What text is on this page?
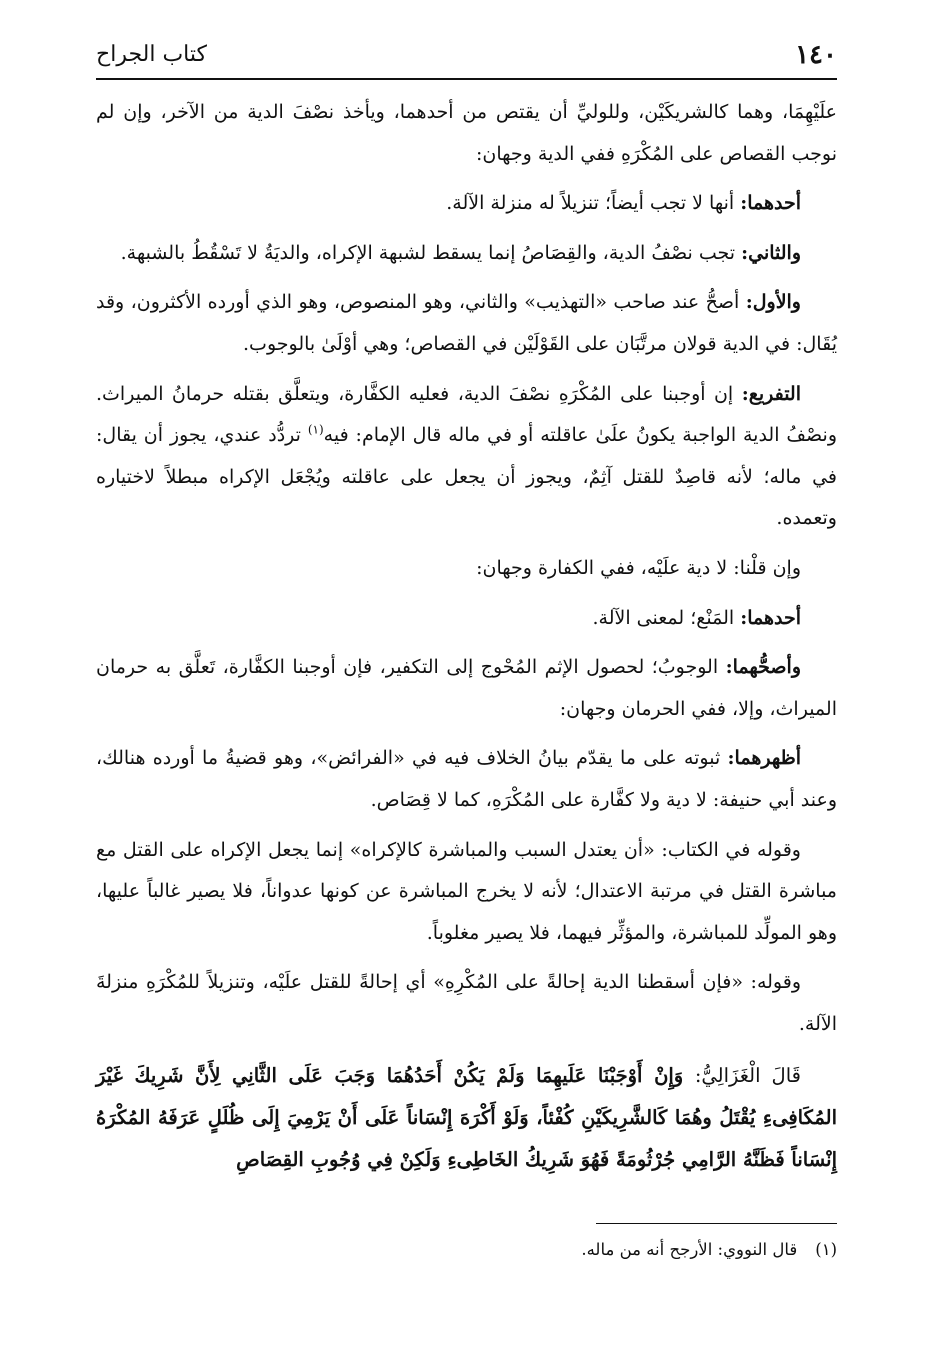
١٤٠
كتاب الجراح

علَيْهِمَا، وهما كالشريكَيْن، وللوليِّ أن يقتص من أحدهما، ويأخذ نصْفَ الدية من الآخر، وإن لم نوجب القصاص على المُكْرَهِ ففي الدية وجهان:

أحدهما: أنها لا تجب أيضاً؛ تنزيلاً له منزلة الآلة.

والثاني: تجب نصْفُ الدية، والقِصَاصُ إنما يسقط لشبهة الإكراه، والديَةُ لا تَسْقُطُ بالشبهة.

والأول: أصحُّ عند صاحب «التهذيب» والثاني، وهو المنصوص، وهو الذي أورده الأكثرون، وقد يُقَال: في الدية قولان مرتَّبَان على القَوْلَيْن في القصاص؛ وهي أوْلَىٰ بالوجوب.

التفريع: إن أوجبنا على المُكْرَهِ نصْفَ الدية، فعليه الكفَّارة، ويتعلَّق بقتله حرمانُ الميراث. ونصْفُ الدية الواجبة يكونُ علَىٰ عاقلته أو في ماله قال الإمام: فيه$^{(١)}$ تردُّد عندي، يجوز أن يقال: في ماله؛ لأنه قاصِدٌ للقتل آثِمٌ، ويجوز أن يجعل على عاقلته ويُجْعَل الإكراه مبطلاً لاختياره وتعمده.

وإن قلْنا: لا دية علَيْه، ففي الكفارة وجهان:

أحدهما: المَنْع؛ لمعنى الآلة.

وأصحُّهما: الوجوبُ؛ لحصول الإثم المُحْوج إلى التكفير، فإن أوجبنا الكفَّارة، تَعلَّق به حرمان الميراث، وإلا، ففي الحرمان وجهان:

أظهرهما: ثبوته على ما يقدّم بيانُ الخلاف فيه في «الفرائض»، وهو قضيةُ ما أورده هنالك، وعند أبي حنيفة: لا دية ولا كفَّارة على المُكْرَهِ، كما لا قِصَاص.

وقوله في الكتاب: «أن يعتدل السبب والمباشرة كالإكراه» إنما يجعل الإكراه على القتل مع مباشرة القتل في مرتبة الاعتدال؛ لأنه لا يخرج المباشرة عن كونها عدواناً، فلا يصير غالباً عليها، وهو المولِّد للمباشرة، والمؤثِّر فيهما، فلا يصير مغلوباً.

وقوله: «فإن أسقطنا الدية إحالةً على المُكْرِهِ» أي إحالةً للقتل علَيْه، وتنزيلاً للمُكْرَهِ منزلةَ الآلة.

قَالَ الْغَزَالِيُّ: وَإِنْ أَوْجَبْنَا عَلَيهِمَا وَلَمْ يَكُنْ أَحَدُهُمَا وَجَبَ عَلَى الثَّانِي لِأَنَّ شَرِيكَ غَيْرَ المُكَافِىءِ يُقْتَلُ وهُمَا كَالشَّرِيكَيْنِ كُفْئاً، وَلَوْ أَكْرَهَ إِنْسَاناً عَلَى أَنْ يَرْمِيَ إِلَى ظُلَلٍ عَرَفَهُ المُكْرَهُ إِنْسَاناً فَظَنَّهُ الرَّامِي جُرْثُومَةً فَهُوَ شَرِيكُ الخَاطِىءِ وَلَكِنْ فِي وُجُوبِ القِصَاصِ

(١)قال النووي: الأرجح أنه من ماله.
